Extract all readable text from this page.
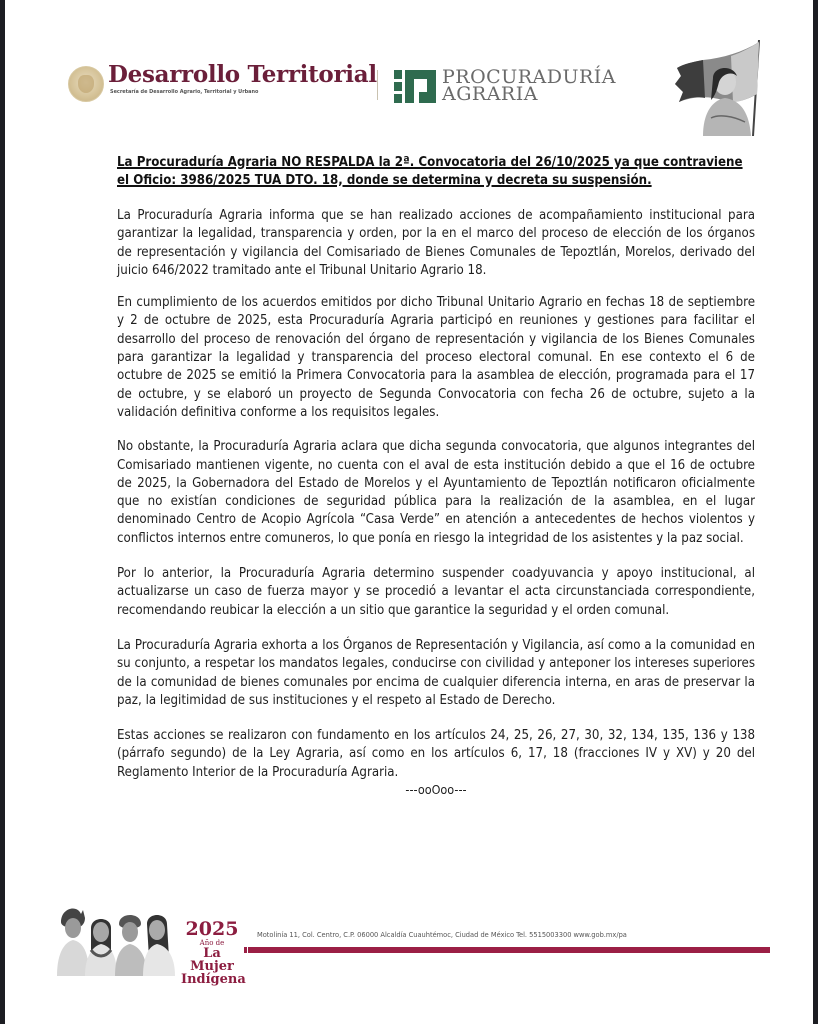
Desarrollo Territorial
Secretaría de Desarrollo Agrario, Territorial y Urbano
PROCURADURÍA
AGRARIA
La Procuraduría Agraria NO RESPALDA la 2ª. Convocatoria del 26/10/2025 ya que contraviene el Oficio: 3986/2025 TUA DTO. 18, donde se determina y decreta su suspensión.

La Procuraduría Agraria informa que se han realizado acciones de acompañamiento institucional para garantizar la legalidad, transparencia y orden, por la en el marco del proceso de elección de los órganos de representación y vigilancia del Comisariado de Bienes Comunales de Tepoztlán, Morelos, derivado del juicio 646/2022 tramitado ante el Tribunal Unitario Agrario 18.

En cumplimiento de los acuerdos emitidos por dicho Tribunal Unitario Agrario en fechas 18 de septiembre y 2 de octubre de 2025, esta Procuraduría Agraria participó en reuniones y gestiones para facilitar el desarrollo del proceso de renovación del órgano de representación y vigilancia de los Bienes Comunales para garantizar la legalidad y transparencia del proceso electoral comunal. En ese contexto el 6 de octubre de 2025 se emitió la Primera Convocatoria para la asamblea de elección, programada para el 17 de octubre, y se elaboró un proyecto de Segunda Convocatoria con fecha 26 de octubre, sujeto a la validación definitiva conforme a los requisitos legales.

No obstante, la Procuraduría Agraria aclara que dicha segunda convocatoria, que algunos integrantes del Comisariado mantienen vigente, no cuenta con el aval de esta institución debido a que el 16 de octubre de 2025, la Gobernadora del Estado de Morelos y el Ayuntamiento de Tepoztlán notificaron oficialmente que no existían condiciones de seguridad pública para la realización de la asamblea, en el lugar denominado Centro de Acopio Agrícola “Casa Verde” en atención a antecedentes de hechos violentos y conflictos internos entre comuneros, lo que ponía en riesgo la integridad de los asistentes y la paz social.

Por lo anterior, la Procuraduría Agraria determino suspender coadyuvancia y apoyo institucional, al actualizarse un caso de fuerza mayor y se procedió a levantar el acta circunstanciada correspondiente, recomendando reubicar la elección a un sitio que garantice la seguridad y el orden comunal.

La Procuraduría Agraria exhorta a los Órganos de Representación y Vigilancia, así como a la comunidad en su conjunto, a respetar los mandatos legales, conducirse con civilidad y anteponer los intereses superiores de la comunidad de bienes comunales por encima de cualquier diferencia interna, en aras de preservar la paz, la legitimidad de sus instituciones y el respeto al Estado de Derecho.

Estas acciones se realizaron con fundamento en los artículos 24, 25, 26, 27, 30, 32, 134, 135, 136 y 138 (párrafo segundo) de la Ley Agraria, así como en los artículos 6, 17, 18 (fracciones IV y XV) y 20 del Reglamento Interior de la Procuraduría Agraria.

---ooOoo---
2025
Año de
La Mujer
Indígena
Motolinía 11, Col. Centro, C.P. 06000 Alcaldía Cuauhtémoc, Ciudad de México Tel. 5515003300 www.gob.mx/pa
